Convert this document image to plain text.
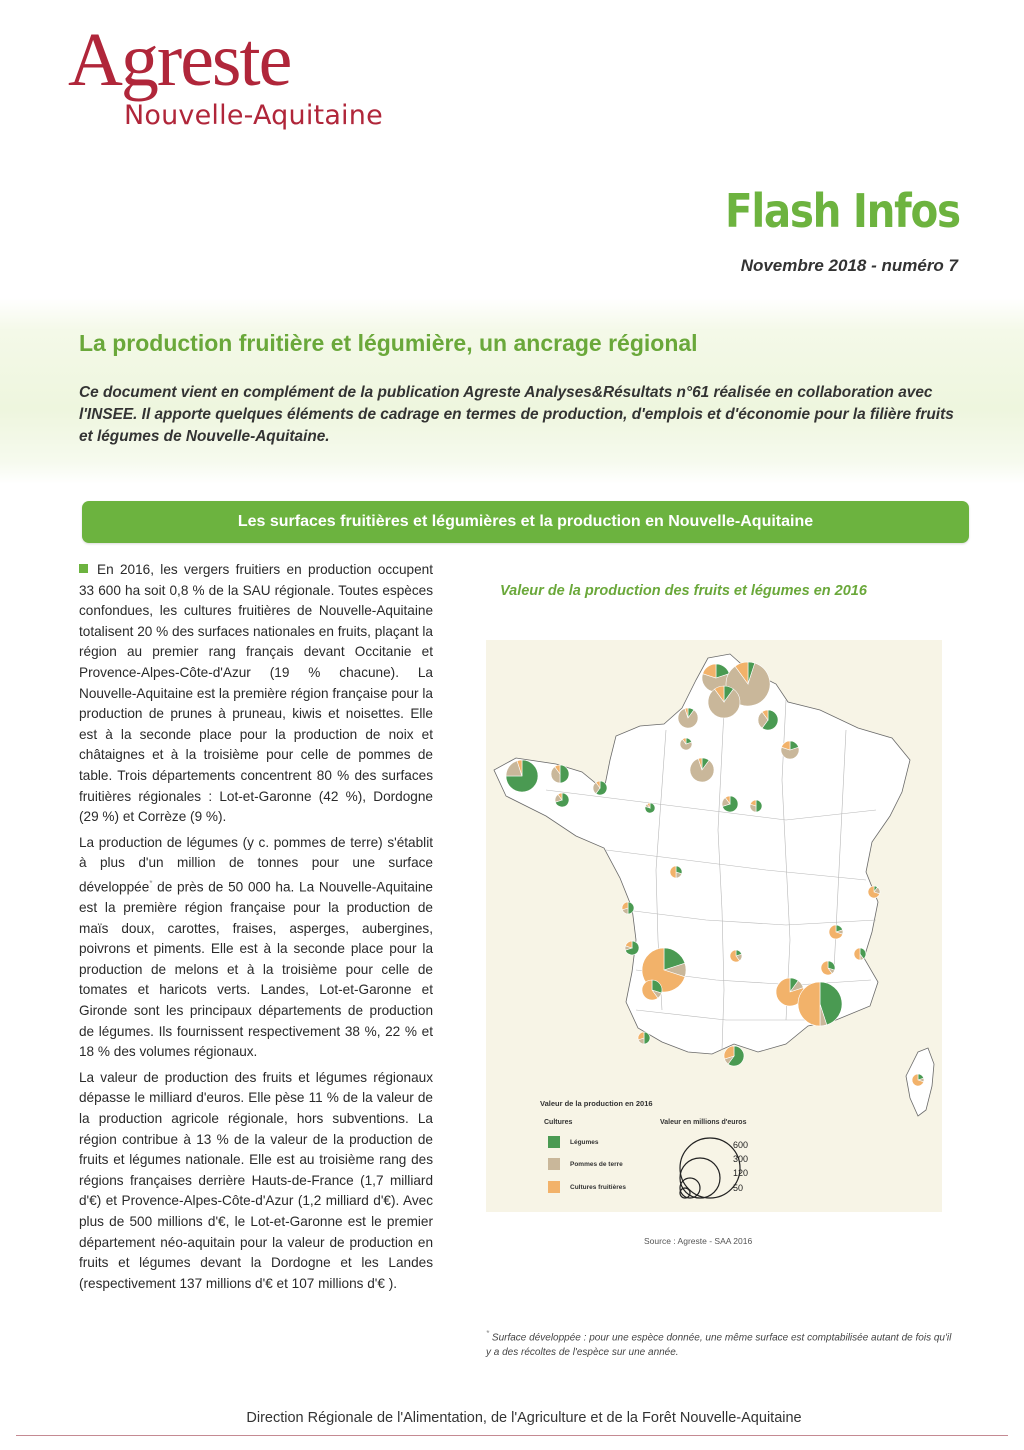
Agreste
Nouvelle-Aquitaine
Flash Infos
Novembre 2018 - numéro 7
La production fruitière et légumière, un ancrage régional
Ce document vient en complément de la publication Agreste Analyses&Résultats n°61 réalisée en collaboration avec l'INSEE. Il apporte quelques éléments de cadrage en termes de production, d'emplois et d'économie pour la filière fruits et légumes de Nouvelle-Aquitaine.
Les surfaces fruitières et légumières et la production en Nouvelle-Aquitaine

En 2016, les vergers fruitiers en production occupent 33 600 ha soit 0,8 % de la SAU régionale. Toutes espèces confondues, les cultures fruitières de Nouvelle-Aquitaine totalisent 20 % des surfaces nationales en fruits, plaçant la région au premier rang français devant Occitanie et Provence-Alpes-Côte-d'Azur (19 % chacune). La Nouvelle-Aquitaine est la première région française pour la production de prunes à pruneau, kiwis et noisettes. Elle est à la seconde place pour la production de noix et châtaignes et à la troisième pour celle de pommes de table. Trois départements concentrent 80 % des surfaces fruitières régionales : Lot-et-Garonne (42 %), Dordogne (29 %) et Corrèze (9 %).

La production de légumes (y c. pommes de terre) s'établit à plus d'un million de tonnes pour une surface développée* de près de 50 000 ha. La Nouvelle-Aquitaine est la première région française pour la production de maïs doux, carottes, fraises, asperges, aubergines, poivrons et piments. Elle est à la seconde place pour la production de melons et à la troisième pour celle de tomates et haricots verts. Landes, Lot-et-Garonne et Gironde sont les principaux départements de production de légumes. Ils fournissent respectivement 38 %, 22 % et 18 % des volumes régionaux.

La valeur de production des fruits et légumes régionaux dépasse le milliard d'euros. Elle pèse 11 % de la valeur de la production agricole régionale, hors subventions. La région contribue à 13 % de la valeur de la production de fruits et légumes nationale. Elle est au troisième rang des régions françaises derrière Hauts-de-France (1,7 milliard d'€) et Provence-Alpes-Côte-d'Azur (1,2 milliard d'€). Avec plus de 500 millions d'€, le Lot-et-Garonne est le premier département néo-aquitain pour la valeur de production en fruits et légumes devant la Dordogne et les Landes (respectivement 137 millions d'€ et 107 millions d'€ ).

Valeur de la production des fruits et légumes en 2016
Valeur de la production en 2016
Cultures	Valeur en millions d'euros
Légumes
Pommes de terre
Cultures fruitières
600
300
120
50
Source : Agreste - SAA 2016
* Surface développée : pour une espèce donnée, une même surface est comptabilisée autant de fois qu'il y a des récoltes de l'espèce sur une année.
Direction Régionale de l'Alimentation, de l'Agriculture et de la Forêt Nouvelle-Aquitaine
